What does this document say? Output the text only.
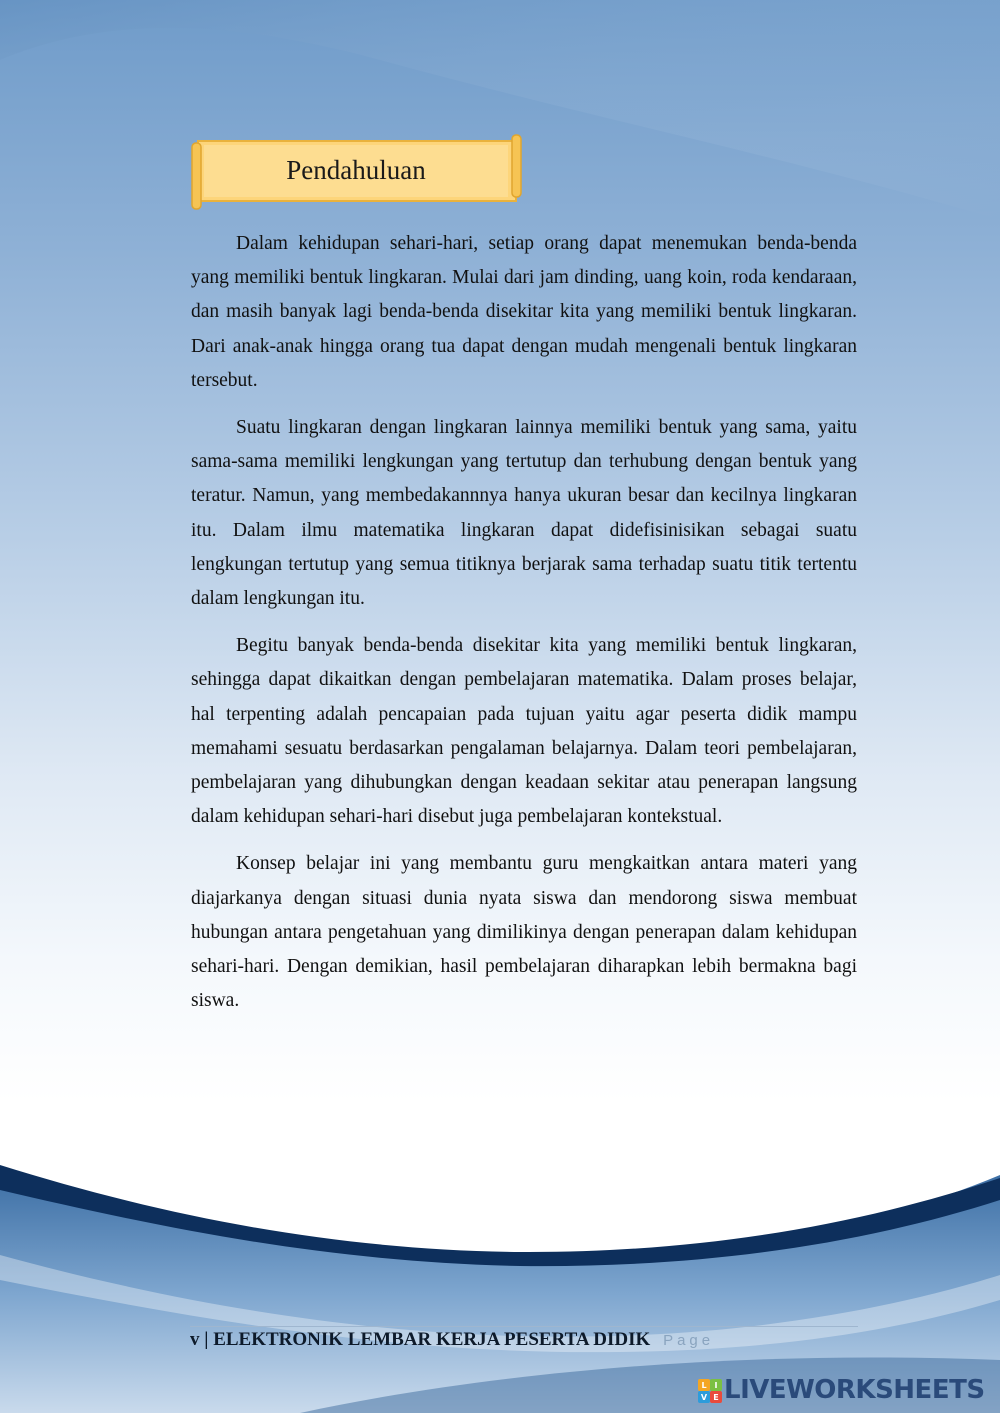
Pendahuluan

Dalam kehidupan sehari-hari, setiap orang dapat menemukan benda-benda yang memiliki bentuk lingkaran. Mulai dari jam dinding, uang koin, roda kendaraan, dan masih banyak lagi benda-benda disekitar kita yang memiliki bentuk lingkaran. Dari anak-anak hingga orang tua dapat dengan mudah mengenali bentuk lingkaran tersebut.

Suatu lingkaran dengan lingkaran lainnya memiliki bentuk yang sama, yaitu sama-sama memiliki lengkungan yang tertutup dan terhubung dengan bentuk yang teratur. Namun, yang membedakannnya hanya ukuran besar dan kecilnya lingkaran itu. Dalam ilmu matematika lingkaran dapat didefisinisikan sebagai suatu lengkungan tertutup yang semua titiknya berjarak sama terhadap suatu titik tertentu dalam lengkungan itu.

Begitu banyak benda-benda disekitar kita yang memiliki bentuk lingkaran, sehingga dapat dikaitkan dengan pembelajaran matematika. Dalam proses belajar, hal terpenting adalah pencapaian pada tujuan yaitu agar peserta didik mampu memahami sesuatu berdasarkan pengalaman belajarnya. Dalam teori pembelajaran, pembelajaran yang dihubungkan dengan keadaan sekitar atau penerapan langsung dalam kehidupan sehari-hari disebut juga pembelajaran kontekstual.

Konsep belajar ini yang membantu guru mengkaitkan antara materi yang diajarkanya dengan situasi dunia nyata siswa dan mendorong siswa membuat hubungan antara pengetahuan yang dimilikinya dengan penerapan dalam kehidupan sehari-hari. Dengan demikian, hasil pembelajaran diharapkan lebih bermakna bagi siswa.

v | ELEKTRONIK LEMBAR KERJA PESERTA DIDIK Page
L I
V E LIVEWORKSHEETS
